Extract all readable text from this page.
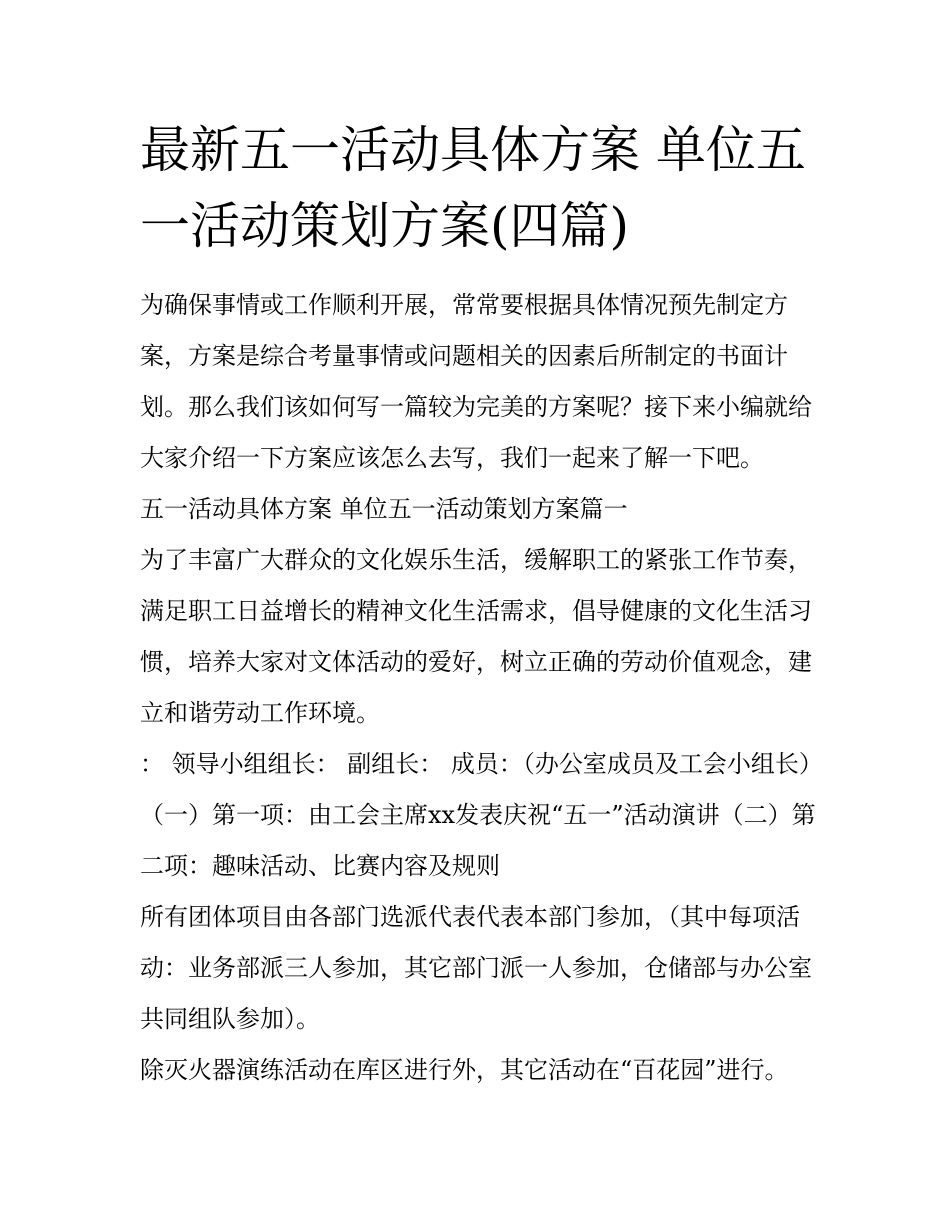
最新五一活动具体方案 单位五一活动策划方案(四篇)

为确保事情或工作顺利开展，常常要根据具体情况预先制定方案，方案是综合考量事情或问题相关的因素后所制定的书面计划。那么我们该如何写一篇较为完美的方案呢？接下来小编就给大家介绍一下方案应该怎么去写，我们一起来了解一下吧。

五一活动具体方案 单位五一活动策划方案篇一

为了丰富广大群众的文化娱乐生活，缓解职工的紧张工作节奏，满足职工日益增长的精神文化生活需求，倡导健康的文化生活习惯，培养大家对文体活动的爱好，树立正确的劳动价值观念，建立和谐劳动工作环境。

： 领导小组组长： 副组长： 成员：（办公室成员及工会小组长）（一）第一项：由工会主席xx发表庆祝“五一”活动演讲（二）第二项：趣味活动、比赛内容及规则

所有团体项目由各部门选派代表代表本部门参加，（其中每项活动：业务部派三人参加，其它部门派一人参加，仓储部与办公室共同组队参加）。

除灭火器演练活动在库区进行外，其它活动在“百花园”进行。
